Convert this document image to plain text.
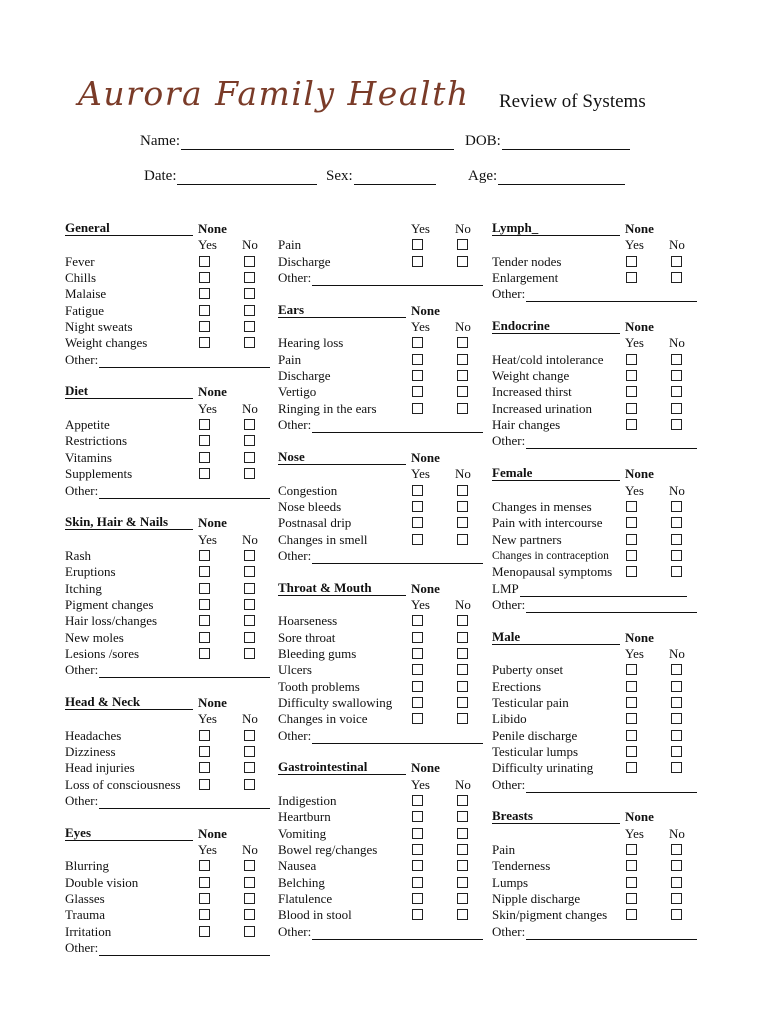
Aurora Family Health Review of Systems
Name:	DOB:
Date:	Sex:	Age:
General	None
Yes No
Fever
Chills
Malaise
Fatigue
Night sweats
Weight changes
Other:
Diet	None
Yes No
Appetite
Restrictions
Vitamins
Supplements
Other:
Skin, Hair & Nails	None
Yes No
Rash
Eruptions
Itching
Pigment changes
Hair loss/changes
New moles
Lesions /sores
Other:
Head & Neck	None
Yes No
Headaches
Dizziness
Head injuries
Loss of consciousness
Other:
Eyes	None
Yes No
Blurring
Double vision
Glasses
Trauma
Irritation
Other:
Yes No
Pain
Discharge
Other:
Ears	None
Yes No
Hearing loss
Pain
Discharge
Vertigo
Ringing in the ears
Other:
Nose	None
Yes No
Congestion
Nose bleeds
Postnasal drip
Changes in smell
Other:
Throat & Mouth	None
Yes No
Hoarseness
Sore throat
Bleeding gums
Ulcers
Tooth problems
Difficulty swallowing
Changes in voice
Other:
Gastrointestinal	None
Yes No
Indigestion
Heartburn
Vomiting
Bowel reg/changes
Nausea
Belching
Flatulence
Blood in stool
Other:
Lymph_	None
Yes No
Tender nodes
Enlargement
Other:
Endocrine	None
Yes No
Heat/cold intolerance
Weight change
Increased thirst
Increased urination
Hair changes
Other:
Female	None
Yes No
Changes in menses
Pain with intercourse
New partners
Changes in contraception
Menopausal symptoms
LMP
Other:
Male	None
Yes No
Puberty onset
Erections
Testicular pain
Libido
Penile discharge
Testicular lumps
Difficulty urinating
Other:
Breasts	None
Yes No
Pain
Tenderness
Lumps
Nipple discharge
Skin/pigment changes
Other:
